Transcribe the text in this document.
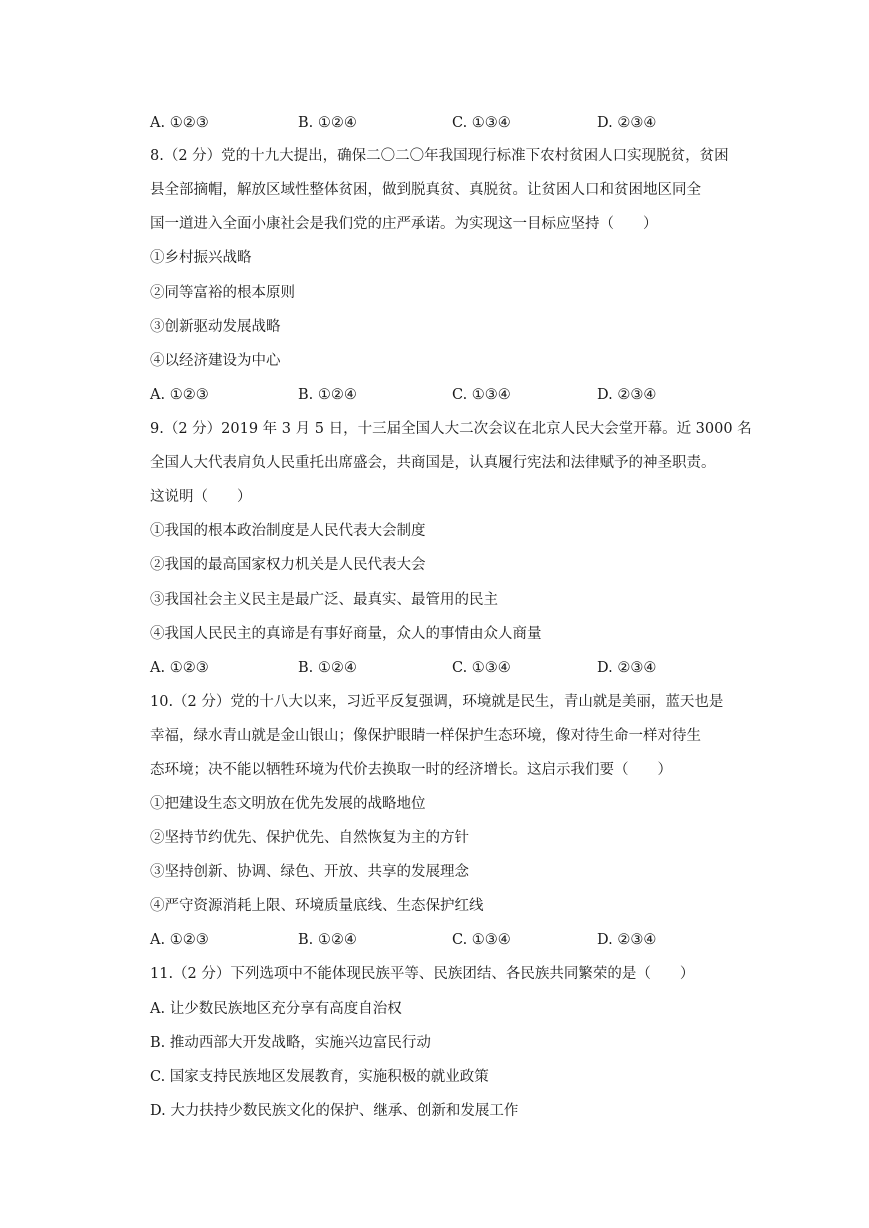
A. ①②③	B. ①②④	C. ①③④	D. ②③④
8.（2 分）党的十九大提出，确保二〇二〇年我国现行标准下农村贫困人口实现脱贫，贫困
县全部摘帽，解放区域性整体贫困，做到脱真贫、真脱贫。让贫困人口和贫困地区同全
国一道进入全面小康社会是我们党的庄严承诺。为实现这一目标应坚持（　　）
①乡村振兴战略
②同等富裕的根本原则
③创新驱动发展战略
④以经济建设为中心
A. ①②③	B. ①②④	C. ①③④	D. ②③④
9.（2 分）2019 年 3 月 5 日，十三届全国人大二次会议在北京人民大会堂开幕。近 3000 名
全国人大代表肩负人民重托出席盛会，共商国是，认真履行宪法和法律赋予的神圣职责。
这说明（　　）
①我国的根本政治制度是人民代表大会制度
②我国的最高国家权力机关是人民代表大会
③我国社会主义民主是最广泛、最真实、最管用的民主
④我国人民民主的真谛是有事好商量，众人的事情由众人商量
A. ①②③	B. ①②④	C. ①③④	D. ②③④
10.（2 分）党的十八大以来，习近平反复强调，环境就是民生，青山就是美丽，蓝天也是
幸福，绿水青山就是金山银山；像保护眼睛一样保护生态环境，像对待生命一样对待生
态环境；决不能以牺牲环境为代价去换取一时的经济增长。这启示我们要（　　）
①把建设生态文明放在优先发展的战略地位
②坚持节约优先、保护优先、自然恢复为主的方针
③坚持创新、协调、绿色、开放、共享的发展理念
④严守资源消耗上限、环境质量底线、生态保护红线
A. ①②③	B. ①②④	C. ①③④	D. ②③④
11.（2 分）下列选项中不能体现民族平等、民族团结、各民族共同繁荣的是（　　）
A. 让少数民族地区充分享有高度自治权
B. 推动西部大开发战略，实施兴边富民行动
C. 国家支持民族地区发展教育，实施积极的就业政策
D. 大力扶持少数民族文化的保护、继承、创新和发展工作
